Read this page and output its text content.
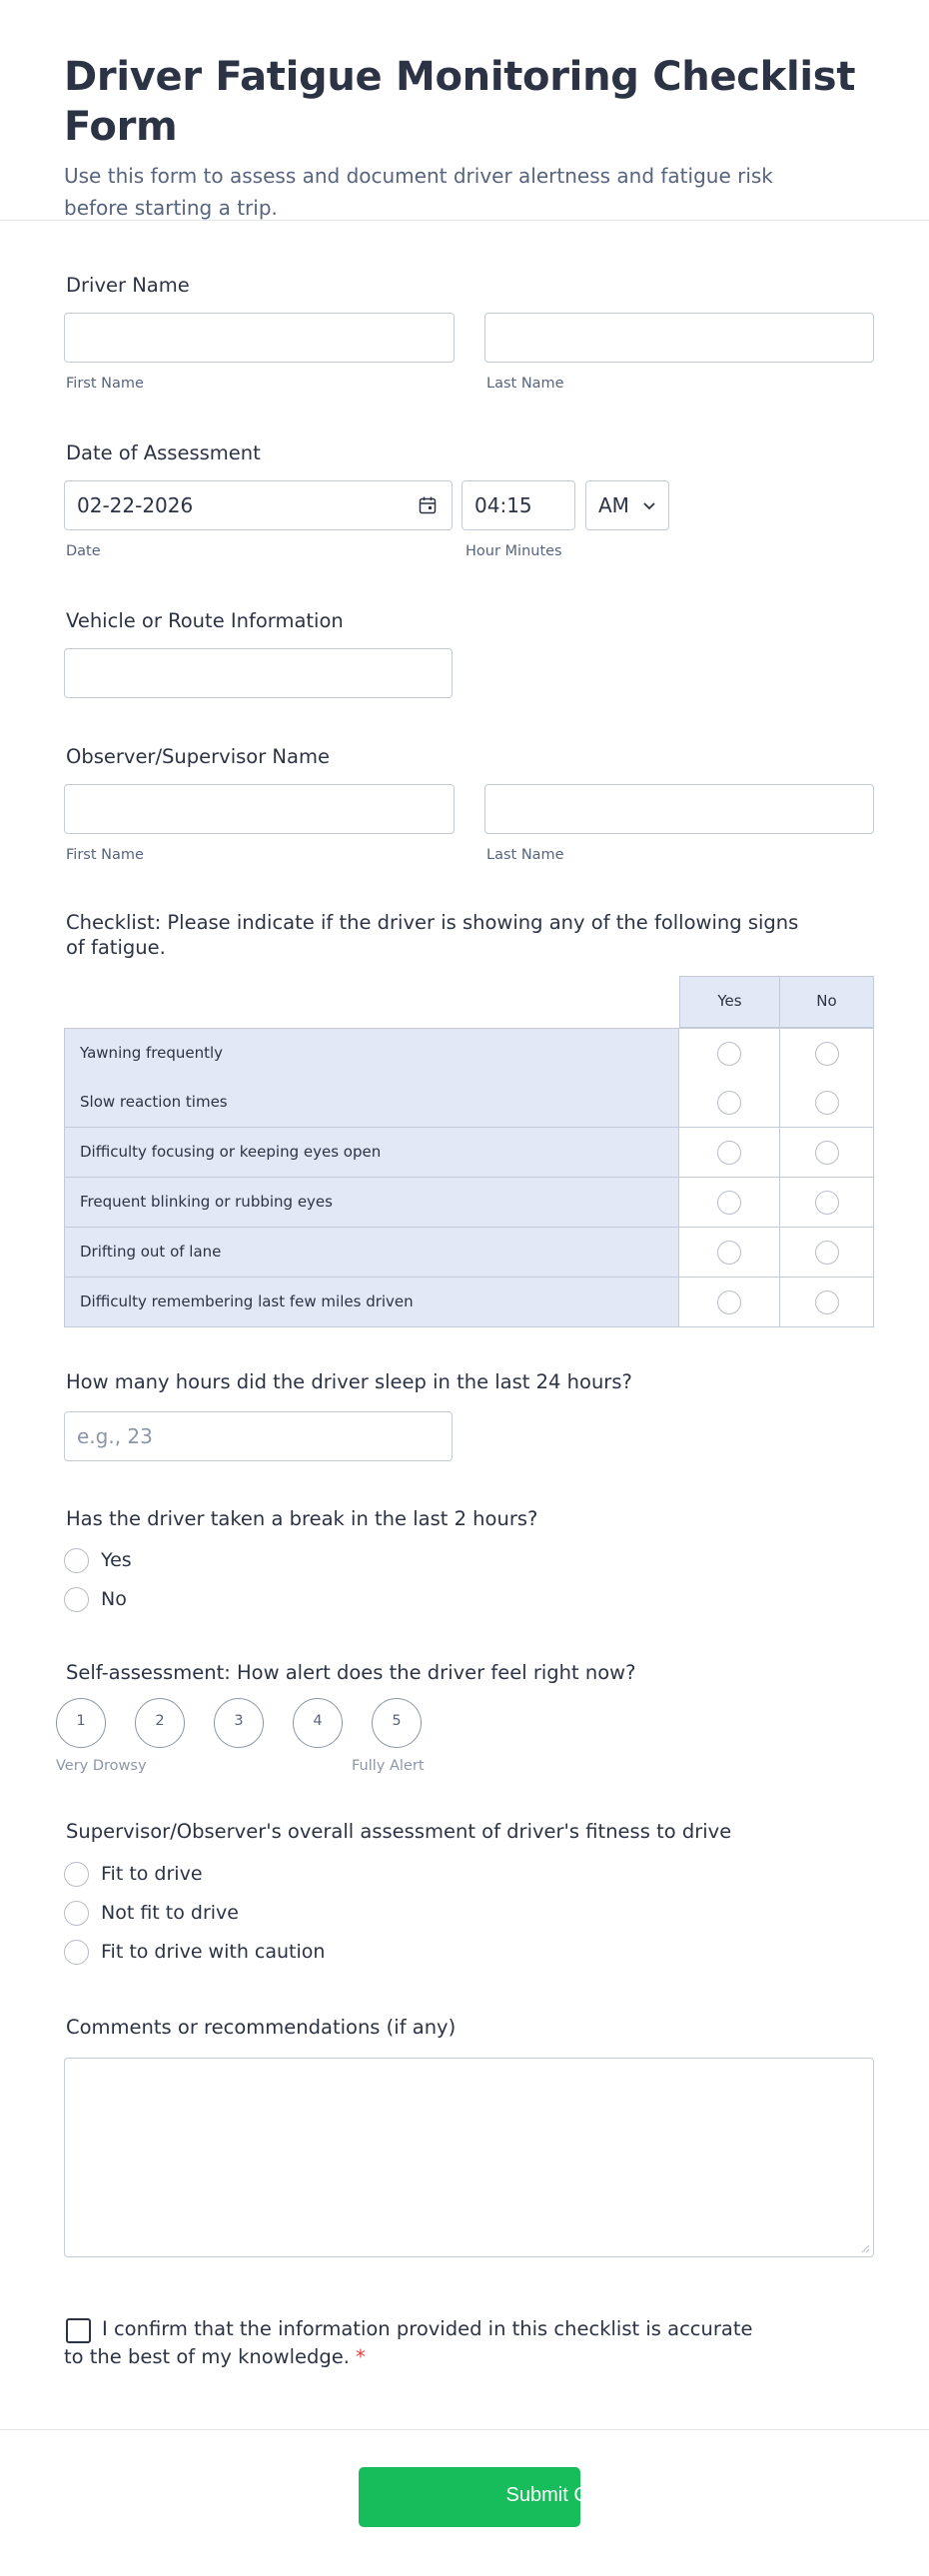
Driver Fatigue Monitoring Checklist Form

Use this form to assess and document driver alertness and fatigue risk before starting a trip.

Driver Name
First Name	Last Name
Date of Assessment
02-22-2026	04:15	AM
Date	Hour Minutes
Vehicle or Route Information
Observer/Supervisor Name
First Name	Last Name
Checklist: Please indicate if the driver is showing any of the following signs of fatigue.
Yes	No
Yawning frequently
Slow reaction times
Difficulty focusing or keeping eyes open
Frequent blinking or rubbing eyes
Drifting out of lane
Difficulty remembering last few miles driven
How many hours did the driver sleep in the last 24 hours?
e.g., 23
Has the driver taken a break in the last 2 hours?
Yes
No
Self-assessment: How alert does the driver feel right now?
1	2	3	4	5
Very Drowsy	Fully Alert
Supervisor/Observer's overall assessment of driver's fitness to drive
Fit to drive
Not fit to drive
Fit to drive with caution
Comments or recommendations (if any)
I confirm that the information provided in this checklist is accurate to the best of my knowledge. *
Submit Checklist
